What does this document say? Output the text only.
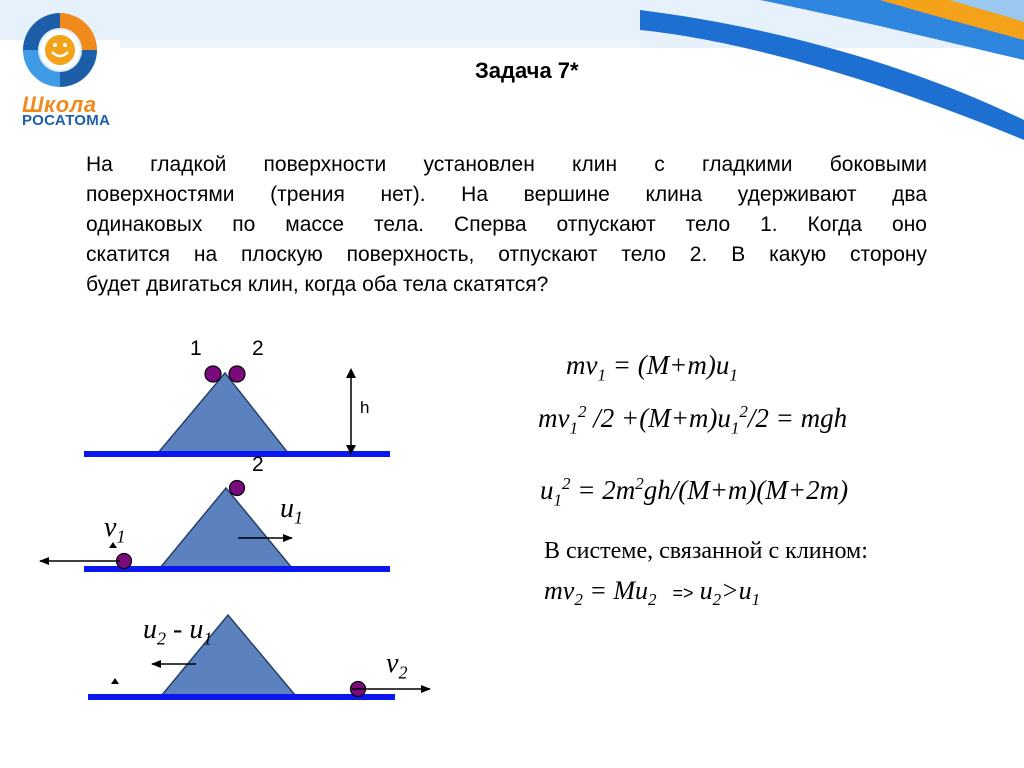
Школа
РОСАТОМА
Задача 7*
На гладкой поверхности установлен клин с гладкими боковыми
поверхностями (трения нет). На вершине клина удерживают два
одинаковых по массе тела. Сперва отпускают тело 1. Когда оно
скатится на плоскую поверхность, отпускают тело 2. В какую сторону
будет двигаться клин, когда оба тела скатятся?
1 2
h
2
$u_1$
$v_1$
$u_2 - u_1$
$v_2$
$mv_1 = (M+m)u_1$
$mv_1^2$ $/2 +(M+m)u_1^2/2$ = mgh
$u_1^2 = 2m^2gh/(M+m)(M+2m)$
В системе, связанной с клином:
$mv_2 = Mu_2 => u_2>u_1$
